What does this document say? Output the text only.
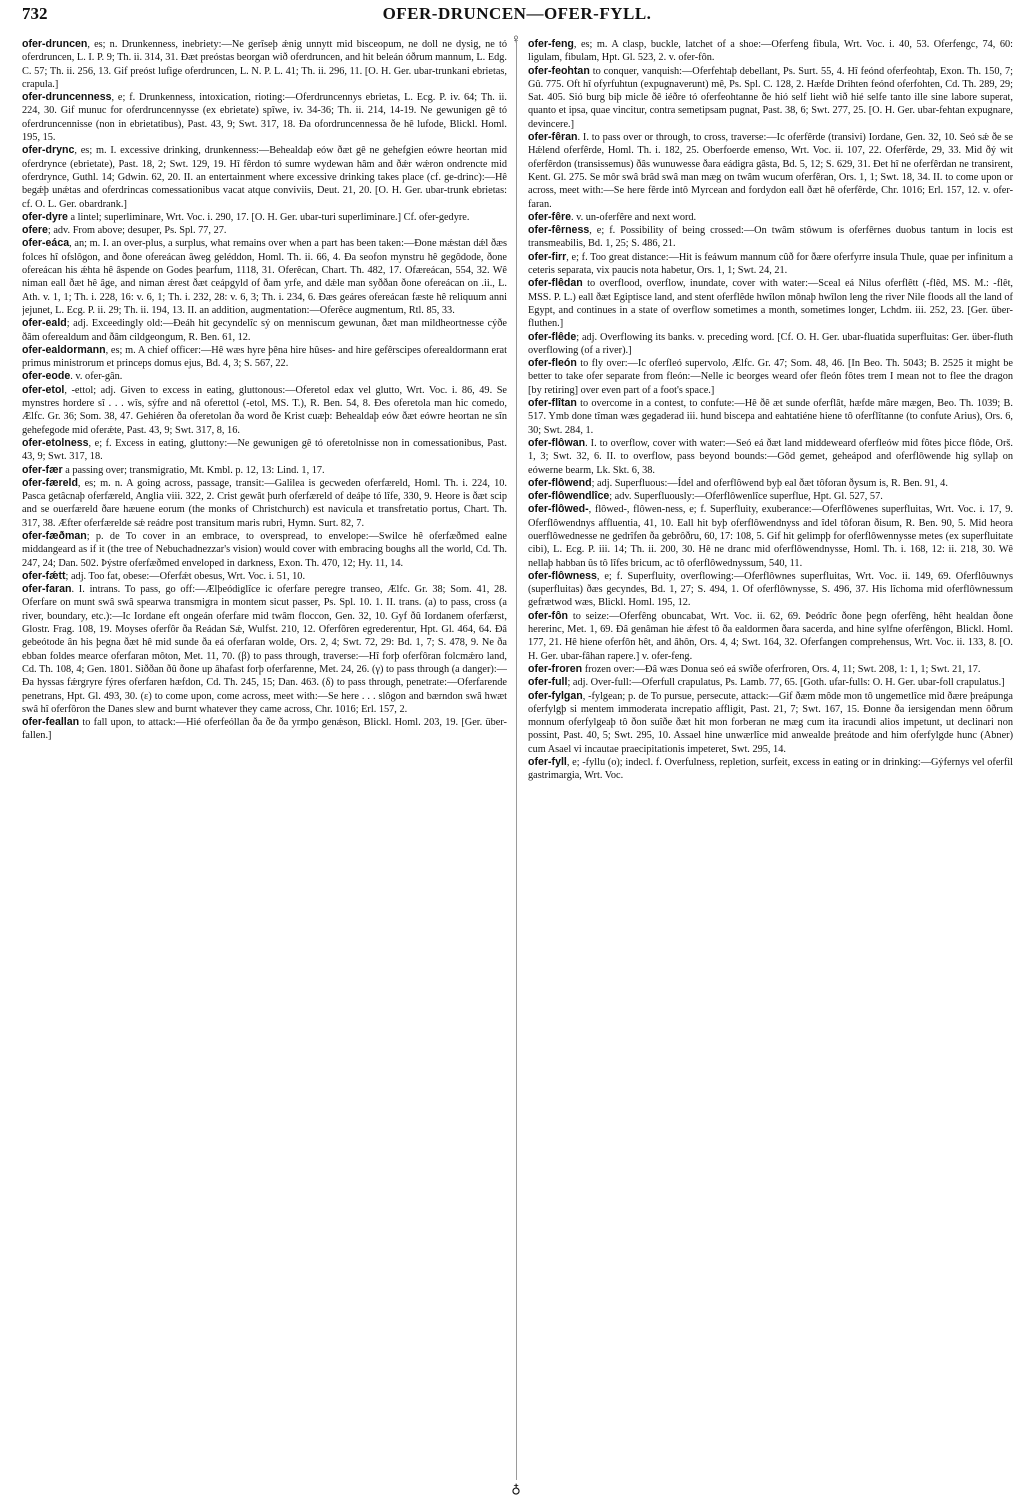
732	OFER-DRUNCEN—OFER-FYLL.
♀
♁

ofer-druncen, es; n. Drunkenness, inebriety:—Ne gerîseþ ǽnig unnytt mid bisceopum, ne doll ne dysig, ne tó oferdruncen, L. I. P. 9; Th. ii. 314, 31. Ðæt preóstas beorgan wið oferdruncen, and hit beleán óðrum mannum, L. Edg. C. 57; Th. ii. 256, 13. Gif preóst lufige oferdruncen, L. N. P. L. 41; Th. ii. 296, 11. [O. H. Ger. ubar-trunkani ebrietas, crapula.]

ofer-druncenness, e; f. Drunkenness, intoxication, rioting:—Oferdruncennys ebrietas, L. Ecg. P. iv. 64; Th. ii. 224, 30. Gif munuc for oferdruncennysse (ex ebrietate) spîwe, iv. 34-36; Th. ii. 214, 14-19. Ne gewunigen gê tó oferdruncennisse (non in ebrietatibus), Past. 43, 9; Swt. 317, 18. Ða ofordruncennessa ðe hê lufode, Blickl. Homl. 195, 15.

ofer-drync, es; m. I. excessive drinking, drunkenness:—Behealdaþ eów ðæt gê ne gehefgien eówre heortan mid oferdrynce (ebrietate), Past. 18, 2; Swt. 129, 19. Hî fêrdon tó sumre wydewan hâm and ðǽr wǽron ondrencte mid oferdrynce, Guthl. 14; Gdwin. 62, 20. II. an entertainment where excessive drinking takes place (cf. ge-drinc):—Hê begǽþ unǽtas and oferdrincas comessationibus vacat atque conviviis, Deut. 21, 20. [O. H. Ger. ubar-trunk ebrietas: cf. O. L. Ger. obardrank.]

ofer-dyre a lintel; superliminare, Wrt. Voc. i. 290, 17. [O. H. Ger. ubar-turi superliminare.] Cf. ofer-gedyre.

ofere; adv. From above; desuper, Ps. Spl. 77, 27.

ofer-eáca, an; m. I. an over-plus, a surplus, what remains over when a part has been taken:—Ðone mǽstan dǽl ðæs folces hî ofslôgon, and ðone ofereácan âweg geléddon, Homl. Th. ii. 66, 4. Ða seofon mynstru hê gegôdode, ðone ofereácan his ǽhta hê âspende on Godes þearfum, 1118, 31. Oferêcan, Chart. Th. 482, 17. Ofæreácan, 554, 32. Wê niman eall ðæt hê âge, and niman ǽrest ðæt ceápgyld of ðam yrfe, and dǽle man syððan ðone ofereácan on .ii., L. Ath. v. 1, 1; Th. i. 228, 16: v. 6, 1; Th. i. 232, 28: v. 6, 3; Th. i. 234, 6. Ðæs geáres ofereácan fæste hê reliquum anni jejunet, L. Ecg. P. ii. 29; Th. ii. 194, 13. II. an addition, augmentation:—Oferêce augmentum, Rtl. 85, 33.

ofer-eald; adj. Exceedingly old:—Ðeáh hit gecyndelîc sý on menniscum gewunan, ðæt man mildheortnesse cýðe ðâm oferealdum and ðâm cildgeongum, R. Ben. 61, 12.

ofer-ealdormann, es; m. A chief officer:—Hê wæs hyre þêna hire hûses- and hire gefêrscipes oferealdormann erat primus ministrorum et princeps domus ejus, Bd. 4, 3; S. 567, 22.

ofer-eode. v. ofer-gân.

ofer-etol, -ettol; adj. Given to excess in eating, gluttonous:—Oferetol edax vel glutto, Wrt. Voc. i. 86, 49. Se mynstres hordere sî . . . wîs, sýfre and nâ oferettol (-etol, MS. T.), R. Ben. 54, 8. Ðes oferetola man hic comedo, Ælfc. Gr. 36; Som. 38, 47. Gehiéren ða oferetolan ða word ðe Krist cuæþ: Behealdaþ eów ðæt eówre heortan ne sîn gehefegode mid oferǽte, Past. 43, 9; Swt. 317, 8, 16.

ofer-etolness, e; f. Excess in eating, gluttony:—Ne gewunigen gê tó oferetolnisse non in comessationibus, Past. 43, 9; Swt. 317, 18.

ofer-fær a passing over; transmigratio, Mt. Kmbl. p. 12, 13: Lind. 1, 17.

ofer-færeld, es; m. n. A going across, passage, transit:—Galilea is gecweden oferfæreld, Homl. Th. i. 224, 10. Pasca getâcnaþ oferfæreld, Anglia viii. 322, 2. Crist gewât þurh oferfæreld of deáþe tó lîfe, 330, 9. Heore is ðæt scip and se ouerfæreld ðare hæuene eorum (the monks of Christchurch) est navicula et transfretatio portus, Chart. Th. 317, 38. Æfter oferfærelde sǽ reádre post transitum maris rubri, Hymn. Surt. 82, 7.

ofer-fæðman; p. de To cover in an embrace, to overspread, to envelope:—Swilce hê oferfæðmed ealne middangeard as if it (the tree of Nebuchadnezzar's vision) would cover with embracing boughs all the world, Cd. Th. 247, 24; Dan. 502. Þýstre oferfæðmed enveloped in darkness, Exon. Th. 470, 12; Hy. 11, 14.

ofer-fǽtt; adj. Too fat, obese:—Oferfǽt obesus, Wrt. Voc. i. 51, 10.

ofer-faran. I. intrans. To pass, go off:—Ælþeódiglîce ic oferfare peregre transeo, Ælfc. Gr. 38; Som. 41, 28. Oferfare on munt swâ swâ spearwa transmigra in montem sicut passer, Ps. Spl. 10. 1. II. trans. (a) to pass, cross (a river, boundary, etc.):—Ic Iordane eft ongeán oferfare mid twâm floccon, Gen. 32, 10. Gyf ðû Iordanem oferfærst, Glostr. Frag. 108, 19. Moyses oferfôr ða Reádan Sǽ, Wulfst. 210, 12. Oferfôren egrederentur, Hpt. Gl. 464, 64. Ðâ gebeótode ân his þegna ðæt hê mid sunde ða eá oferfaran wolde, Ors. 2, 4; Swt. 72, 29: Bd. 1, 7; S. 478, 9. Ne ða ebban foldes mearce oferfaran môton, Met. 11, 70. (β) to pass through, traverse:—Hî forþ oferfôran folcmǽro land, Cd. Th. 108, 4; Gen. 1801. Siððan ðû ðone up âhafast forþ oferfarenne, Met. 24, 26. (γ) to pass through (a danger):—Ða hyssas fǽrgryre fýres oferfaren hæfdon, Cd. Th. 245, 15; Dan. 463. (δ) to pass through, penetrate:—Oferfarende penetrans, Hpt. Gl. 493, 30. (ε) to come upon, come across, meet with:—Se here . . . slôgon and bærndon swâ hwæt swâ hî oferfôron the Danes slew and burnt whatever they came across, Chr. 1016; Erl. 157, 2.

ofer-feallan to fall upon, to attack:—Hié oferfeóllan ða ðe ða yrmþo genǽson, Blickl. Homl. 203, 19. [Ger. über-fallen.]

ofer-feng, es; m. A clasp, buckle, latchet of a shoe:—Oferfeng fibula, Wrt. Voc. i. 40, 53. Oferfengc, 74, 60: ligulam, fibulam, Hpt. Gl. 523, 2. v. ofer-fôn.

ofer-feohtan to conquer, vanquish:—Oferfehtaþ debellant, Ps. Surt. 55, 4. Hî feónd oferfeohtaþ, Exon. Th. 150, 7; Gû. 775. Oft hî ofyrfuhtun (expugnaverunt) mê, Ps. Spl. C. 128, 2. Hæfde Drihten feónd oferfohten, Cd. Th. 289, 29; Sat. 405. Sió burg biþ micle ðê iéðre tó oferfeohtanne ðe hió self lieht wið hié selfe tanto ille sine labore superat, quanto et ipsa, quae vincitur, contra semetipsam pugnat, Past. 38, 6; Swt. 277, 25. [O. H. Ger. ubar-fehtan expugnare, devincere.]

ofer-fêran. I. to pass over or through, to cross, traverse:—Ic oferfêrde (transivi) Iordane, Gen. 32, 10. Seó sǽ ðe se Hǽlend oferfêrde, Homl. Th. i. 182, 25. Oberfoerde emenso, Wrt. Voc. ii. 107, 22. Oferfêrde, 29, 33. Mid ðý wit oferfêrdon (transissemus) ðâs wunuwesse ðara eádigra gâsta, Bd. 5, 12; S. 629, 31. Ðet hî ne oferfêrdan ne transirent, Kent. Gl. 275. Se môr swâ brâd swâ man mæg on twâm wucum oferfêran, Ors. 1, 1; Swt. 18, 34. II. to come upon or across, meet with:—Se here fêrde intô Myrcean and fordydon eall ðæt hê oferfêrde, Chr. 1016; Erl. 157, 12. v. ofer-faran.

ofer-fêre. v. un-oferfêre and next word.

ofer-fêrness, e; f. Possibility of being crossed:—On twâm stôwum is oferfêrnes duobus tantum in locis est transmeabilis, Bd. 1, 25; S. 486, 21.

ofer-firr, e; f. Too great distance:—Hit is feáwum mannum cûð for ðære oferfyrre insula Thule, quae per infinitum a ceteris separata, vix paucis nota habetur, Ors. 1, 1; Swt. 24, 21.

ofer-flêdan to overflood, overflow, inundate, cover with water:—Sceal eá Nilus oferflêtt (-flêd, MS. M.: -flêt, MSS. P. L.) eall ðæt Egiptisce land, and stent oferflêde hwîlon mônaþ hwîlon leng the river Nile floods all the land of Egypt, and continues in a state of overflow sometimes a month, sometimes longer, Lchdm. iii. 252, 23. [Ger. über-fluthen.]

ofer-flêde; adj. Overflowing its banks. v. preceding word. [Cf. O. H. Ger. ubar-fluatida superfluitas: Ger. über-fluth overflowing (of a river).]

ofer-fleón to fly over:—Ic oferfleó supervolo, Ælfc. Gr. 47; Som. 48, 46. [In Beo. Th. 5043; B. 2525 it might be better to take ofer separate from fleón:—Nelle ic beorges weard ofer fleón fôtes trem I mean not to flee the dragon [by retiring] over even part of a foot's space.]

ofer-flîtan to overcome in a contest, to confute:—Hê ðê æt sunde oferflât, hæfde mâre mægen, Beo. Th. 1039; B. 517. Ymb done tîman wæs gegaderad iii. hund biscepa and eahtatiéne hiene tô oferflîtanne (to confute Arius), Ors. 6, 30; Swt. 284, 1.

ofer-flôwan. I. to overflow, cover with water:—Seó eá ðæt land middeweard oferfleów mid fôtes þicce flôde, Orš. 1, 3; Swt. 32, 6. II. to overflow, pass beyond bounds:—Gôd gemet, geheápod and oferflôwende hig syllaþ on eówerne bearm, Lk. Skt. 6, 38.

ofer-flôwend; adj. Superfluous:—Ídel and oferflôwend byþ eal ðæt tôforan ðysum is, R. Ben. 91, 4.

ofer-flôwendlîce; adv. Superfluously:—Oferflôwenlîce superflue, Hpt. Gl. 527, 57.

ofer-flôwed-, flôwed-, flôwen-ness, e; f. Superfluity, exuberance:—Oferflôwenes superfluitas, Wrt. Voc. i. 17, 9. Oferflôwendnys affluentia, 41, 10. Eall hit byþ oferflôwendnyss and îdel tôforan ðisum, R. Ben. 90, 5. Mid heora ouerflôwednesse ne gedrîfen ða gebrôðru, 60, 17: 108, 5. Gif hit gelimpþ for oferflôwennysse metes (ex superfluitate cibi), L. Ecg. P. iii. 14; Th. ii. 200, 30. Hê ne dranc mid oferflôwendnysse, Homl. Th. i. 168, 12: ii. 218, 30. Wê nellaþ habban ûs tô lîfes bricum, ac tô oferflôwednyssum, 540, 11.

ofer-flôwness, e; f. Superfluity, overflowing:—Oferflôwnes superfluitas, Wrt. Voc. ii. 149, 69. Oferflôuwnys (superfluitas) ðæs gecyndes, Bd. 1, 27; S. 494, 1. Of oferflôwnysse, S. 496, 37. His lîchoma mid oferflôwnessum gefrætwod wæs, Blickl. Homl. 195, 12.

ofer-fôn to seize:—Oferfêng obuncabat, Wrt. Voc. ii. 62, 69. Þeódrîc ðone þegn oferfêng, hêht healdan ðone hererinc, Met. 1, 69. Ðâ genâman hie ǽfest tô ða ealdormen ðara sacerda, and hine sylfne oferfêngon, Blickl. Homl. 177, 21. Hê hiene oferfôn hêt, and âhôn, Ors. 4, 4; Swt. 164, 32. Oferfangen comprehensus, Wrt. Voc. ii. 133, 8. [O. H. Ger. ubar-fâhan rapere.] v. ofer-feng.

ofer-froren frozen over:—Ðâ wæs Donua seó eá swîðe oferfroren, Ors. 4, 11; Swt. 208, 1: 1, 1; Swt. 21, 17.

ofer-full; adj. Over-full:—Oferfull crapulatus, Ps. Lamb. 77, 65. [Goth. ufar-fulls: O. H. Ger. ubar-foll crapulatus.]

ofer-fylgan, -fylgean; p. de To pursue, persecute, attack:—Gif ðæm môde mon tô ungemetlîce mid ðære þreápunga oferfylgþ si mentem immoderata increpatio affligit, Past. 21, 7; Swt. 167, 15. Ðonne ða iersigendan menn ôðrum monnum oferfylgeaþ tô ðon suîðe ðæt hit mon forberan ne mæg cum ita iracundi alios impetunt, ut declinari non possint, Past. 40, 5; Swt. 295, 10. Assael hine unwærlîce mid anwealde þreátode and him oferfylgde hunc (Abner) cum Asael vi incautae praecipitationis impeteret, Swt. 295, 14.

ofer-fyll, e; -fyllu (o); indecl. f. Overfulness, repletion, surfeit, excess in eating or in drinking:—Gýfernys vel oferfil gastrimargia, Wrt. Voc.
